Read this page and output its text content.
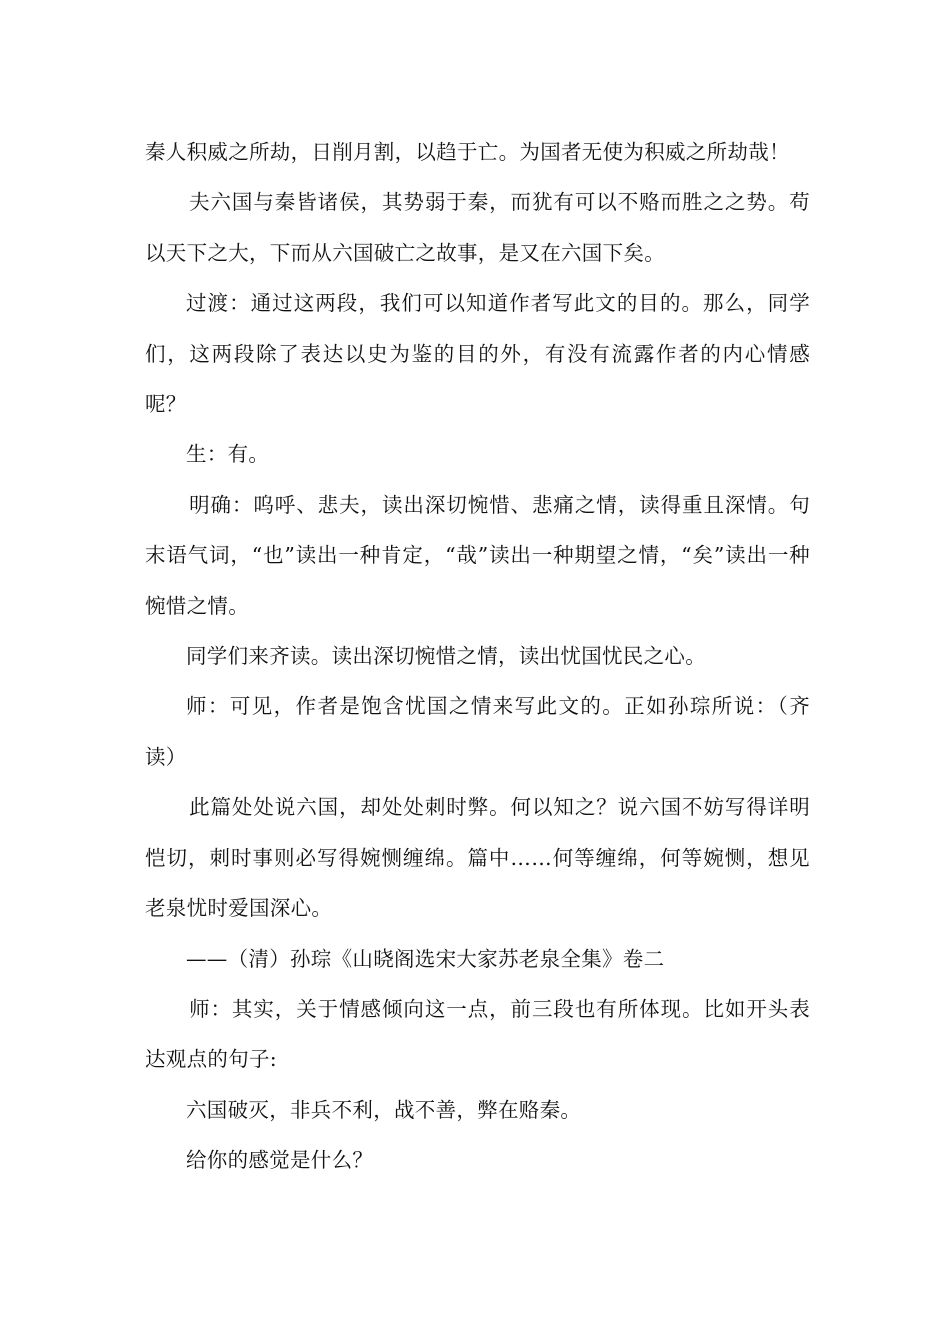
秦人积威之所劫，日削月割，以趋于亡。为国者无使为积威之所劫哉！

夫六国与秦皆诸侯，其势弱于秦，而犹有可以不赂而胜之之势。苟以天下之大，下而从六国破亡之故事，是又在六国下矣。

过渡：通过这两段，我们可以知道作者写此文的目的。那么，同学们，这两段除了表达以史为鉴的目的外，有没有流露作者的内心情感呢？

生：有。

明确：呜呼、悲夫，读出深切惋惜、悲痛之情，读得重且深情。句末语气词，“也”读出一种肯定，“哉”读出一种期望之情，“矣”读出一种惋惜之情。

同学们来齐读。读出深切惋惜之情，读出忧国忧民之心。

师：可见，作者是饱含忧国之情来写此文的。正如孙琮所说：（齐读）

此篇处处说六国，却处处刺时弊。何以知之？说六国不妨写得详明恺切，刺时事则必写得婉恻缠绵。篇中……何等缠绵，何等婉恻，想见老泉忧时爱国深心。

——（清）孙琮《山晓阁选宋大家苏老泉全集》卷二

师：其实，关于情感倾向这一点，前三段也有所体现。比如开头表达观点的句子:

六国破灭，非兵不利，战不善，弊在赂秦。

给你的感觉是什么？
